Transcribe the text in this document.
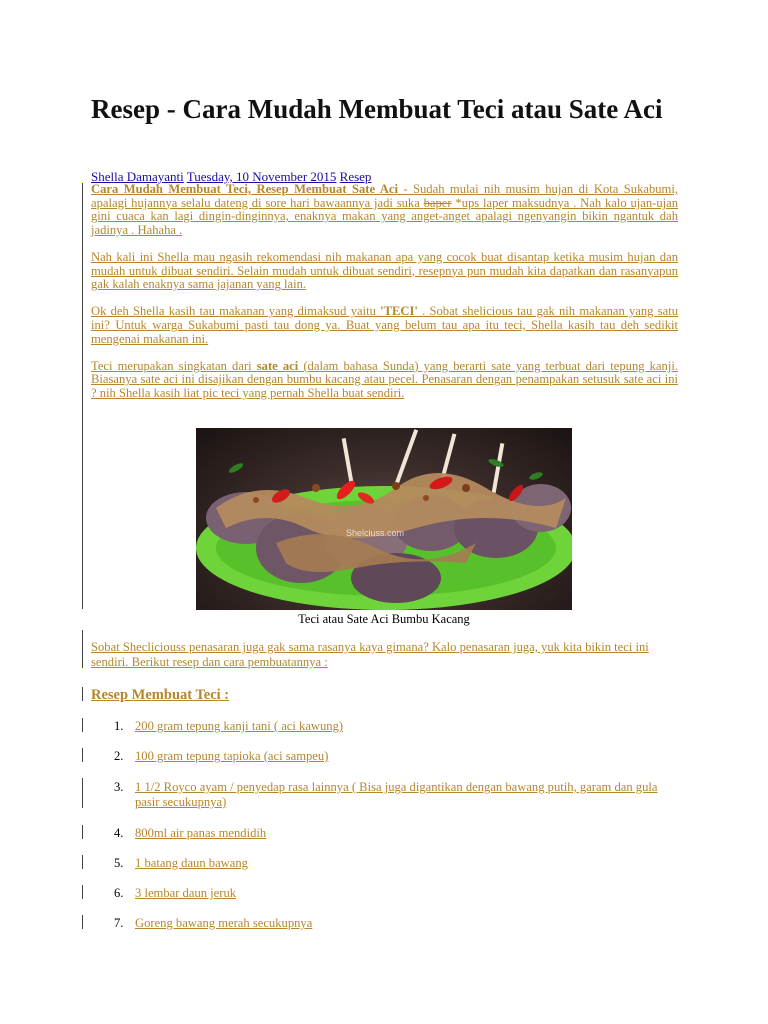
Resep - Cara Mudah Membuat Teci atau Sate Aci
Shella Damayanti Tuesday, 10 November 2015 Resep

Cara Mudah Membuat Teci, Resep Membuat Sate Aci - Sudah mulai nih musim hujan di Kota Sukabumi, apalagi hujannya selalu dateng di sore hari bawaannya jadi suka baper *ups laper maksudnya . Nah kalo ujan-ujan gini cuaca kan lagi dingin-dinginnya, enaknya makan yang anget-anget apalagi ngenyangin bikin ngantuk dah jadinya . Hahaha .

Nah kali ini Shella mau ngasih rekomendasi nih makanan apa yang cocok buat disantap ketika musim hujan dan mudah untuk dibuat sendiri. Selain mudah untuk dibuat sendiri, resepnya pun mudah kita dapatkan dan rasanyapun gak kalah enaknya sama jajanan yang lain.

Ok deh Shella kasih tau makanan yang dimaksud yaitu 'TECI' . Sobat shelicious tau gak nih makanan yang satu ini? Untuk warga Sukabumi pasti tau dong ya. Buat yang belum tau apa itu teci, Shella kasih tau deh sedikit mengenai makanan ini.

Teci merupakan singkatan dari sate aci (dalam bahasa Sunda) yang berarti sate yang terbuat dari tepung kanji. Biasanya sate aci ini disajikan dengan bumbu kacang atau pecel. Penasaran dengan penampakan setusuk sate aci ini ? nih Shella kasih liat pic teci yang pernah Shella buat sendiri.

Shelciuss.com
Teci atau Sate Aci Bumbu Kacang
Sobat Shecliciouss penasaran juga gak sama rasanya kaya gimana? Kalo penasaran juga, yuk kita bikin teci ini sendiri. Berikut resep dan cara pembuatannya :
Resep Membuat Teci :
1. 200 gram tepung kanji tani ( aci kawung)
2. 100 gram tepung tapioka (aci sampeu)
3. 1 1/2 Royco ayam / penyedap rasa lainnya ( Bisa juga digantikan dengan bawang putih, garam dan gula pasir secukupnya)
4. 800ml air panas mendidih
5. 1 batang daun bawang
6. 3 lembar daun jeruk
7. Goreng bawang merah secukupnya
